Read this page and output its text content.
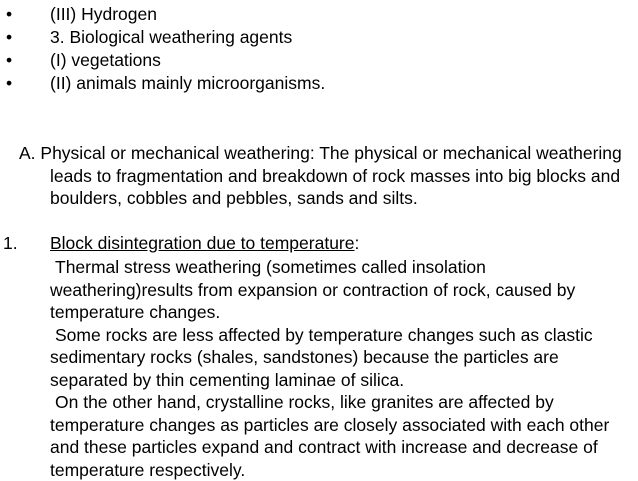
• (III) Hydrogen
• 3. Biological weathering agents
• (I) vegetations
• (II) animals mainly microorganisms.

A. Physical or mechanical weathering: The physical or mechanical weathering leads to fragmentation and breakdown of rock masses into big blocks and boulders, cobbles and pebbles, sands and silts.

1. Block disintegration due to temperature:

Thermal stress weathering (sometimes called insolation weathering)results from expansion or contraction of rock, caused by temperature changes.

Some rocks are less affected by temperature changes such as clastic sedimentary rocks (shales, sandstones) because the particles are separated by thin cementing laminae of silica.

On the other hand, crystalline rocks, like granites are affected by temperature changes as particles are closely associated with each other and these particles expand and contract with increase and decrease of temperature respectively.
